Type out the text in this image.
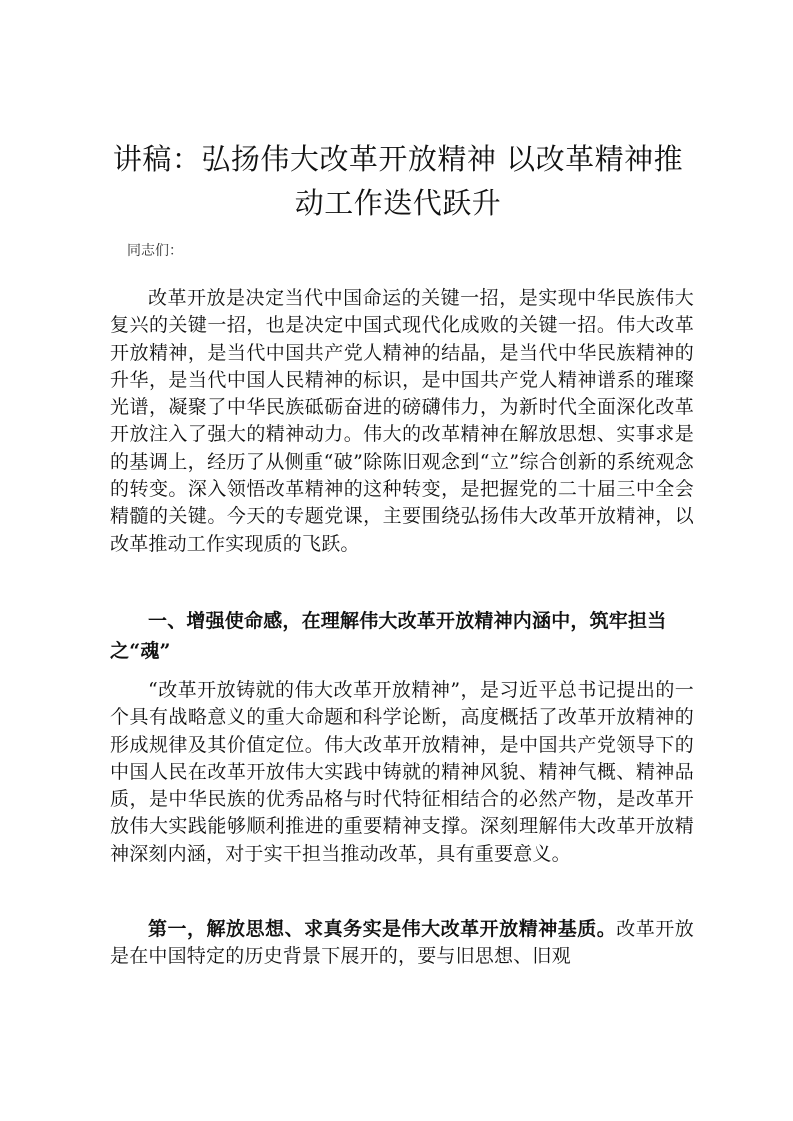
讲稿：弘扬伟大改革开放精神 以改革精神推动工作迭代跃升

同志们：

改革开放是决定当代中国命运的关键一招，是实现中华民族伟大复兴的关键一招，也是决定中国式现代化成败的关键一招。伟大改革开放精神，是当代中国共产党人精神的结晶，是当代中华民族精神的升华，是当代中国人民精神的标识，是中国共产党人精神谱系的璀璨光谱，凝聚了中华民族砥砺奋进的磅礴伟力，为新时代全面深化改革开放注入了强大的精神动力。伟大的改革精神在解放思想、实事求是的基调上，经历了从侧重“破”除陈旧观念到“立”综合创新的系统观念的转变。深入领悟改革精神的这种转变，是把握党的二十届三中全会精髓的关键。今天的专题党课，主要围绕弘扬伟大改革开放精神，以改革推动工作实现质的飞跃。

一、增强使命感，在理解伟大改革开放精神内涵中，筑牢担当之“魂”

“改革开放铸就的伟大改革开放精神”，是习近平总书记提出的一个具有战略意义的重大命题和科学论断，高度概括了改革开放精神的形成规律及其价值定位。伟大改革开放精神，是中国共产党领导下的中国人民在改革开放伟大实践中铸就的精神风貌、精神气概、精神品质，是中华民族的优秀品格与时代特征相结合的必然产物，是改革开放伟大实践能够顺利推进的重要精神支撑。深刻理解伟大改革开放精神深刻内涵，对于实干担当推动改革，具有重要意义。

第一，解放思想、求真务实是伟大改革开放精神基质。改革开放是在中国特定的历史背景下展开的，要与旧思想、旧观
